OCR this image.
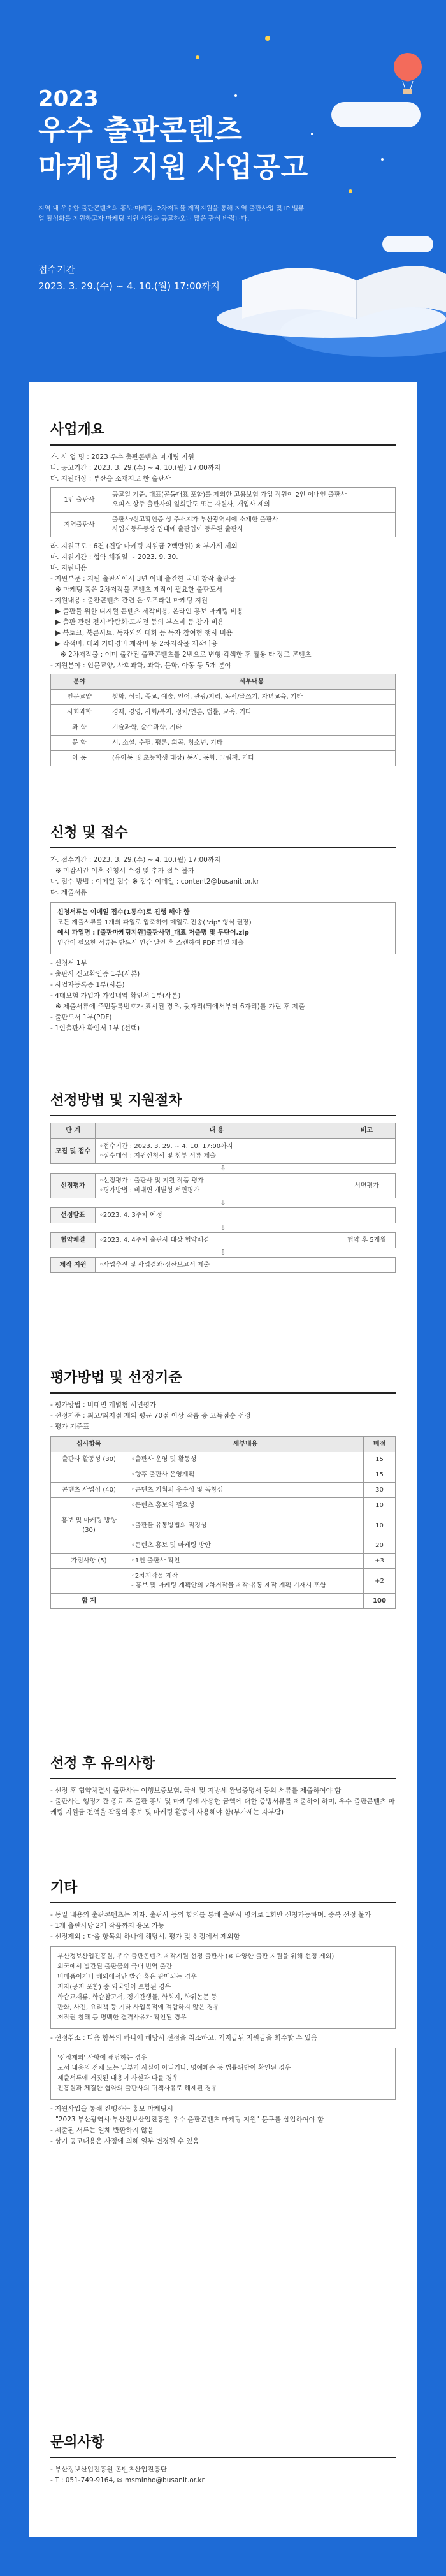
2023
우수 출판콘텐츠
마케팅 지원 사업공고
지역 내 우수한 출판콘텐츠의 홍보·마케팅, 2차저작물 제작지원을 통해 지역 출판사업 및 IP 밸류업 활성화를 지원하고자 마케팅 지원 사업을 공고하오니 많은 관심 바랍니다.
접수기간
2023. 3. 29.(수) ~ 4. 10.(월) 17:00까지
사업개요
가. 사 업 명 : 2023 우수 출판콘텐츠 마케팅 지원
나. 공고기간 : 2023. 3. 29.(수) ~ 4. 10.(월) 17:00까지
다. 지원대상 : 부산을 소재지로 한 출판사
1인 출판사	공고일 기준, 대표(공동대표 포함)를 제외한 고용보험 가입 직원이 2인 이내인 출판사
오피스 상주 출판사의 일회만도 또는 자원사, 개업사 제외

지역출판사	출판사/신고확인증 상 주소지가 부산광역시에 소재한 출판사
사업자등록증상 업태에 출판업이 등록된 출판사
라. 지원규모 : 6건 (건당 마케팅 지원금 2백만원) ※ 부가세 제외
마. 지원기간 : 협약 체결일 ~ 2023. 9. 30.
바. 지원내용
- 지원부문 : 지원 출판사에서 3년 이내 출간한 국내 창작 출판물
※ 마케팅 혹은 2차저작물 콘텐츠 제작이 필요한 출판도서
- 지원내용 : 출판콘텐츠 관련 온·오프라인 마케팅 지원
▶ 출판물 위한 디지털 콘텐츠 제작비용, 온라인 홍보 마케팅 비용
▶ 출판 관련 전시·박람회·도서전 등의 부스비 등 참가 비용
▶ 북토크, 북콘서트, 독자와의 대화 등 독자 참여형 행사 비용
▶ 각색비, 대외 기타경비 제작비 등 2차저작물 제작비용
※ 2차저작물 : 이미 출간된 출판콘텐츠를 2번으로 변형·각색한 후 활용 타 장르 콘텐츠
- 지원분야 : 인문교양, 사회과학, 과학, 문학, 아동 등 5개 분야
분야	세부내용
인문교양	철학, 심리, 종교, 예술, 언어, 관광/지리, 독서/글쓰기, 자녀교육, 기타
사회과학	경제, 경영, 사회/복지, 정치/언론, 법률, 교육, 기타
과 학	기술과학, 순수과학, 기타
문 학	시, 소설, 수필, 평론, 희곡, 청소년, 기타
아 동	(유아동 및 초등학생 대상) 동시, 동화, 그림책, 기타
신청 및 접수
가. 접수기간 : 2023. 3. 29.(수) ~ 4. 10.(월) 17:00까지
※ 마감시간 이후 신청서 수정 및 추가 접수 불가
나. 접수 방법 : 이메일 접수 ※ 접수 이메일 : content2@busanit.or.kr
다. 제출서류
신청서류는 이메일 접수(1통수)로 진행 해야 함
모든 제출서류를 1개의 파일로 압축하여 메일로 전송("zip" 형식 권장)
예시 파일명 : [출판마케팅지원]출판사명_대표 저출명 및 두단어.zip
인감이 필요한 서류는 반드시 인감 날인 후 스캔하여 PDF 파일 제출
- 신청서 1부
- 출판사 신고확인증 1부(사본)
- 사업자등록증 1부(사본)
- 4대보험 가입자 가입내역 확인서 1부(사본)
※ 제출서류에 주민등록번호가 표시된 경우, 뒷자리(뒤에서부터 6자리)를 가린 후 제출
- 출판도서 1부(PDF)
- 1인출판사 확인서 1부 (선택)
선정방법 및 지원절차
단 계	내 용	비고
모집 및 접수	◦접수기간 : 2023. 3. 29. ~ 4. 10. 17:00까지
◦접수대상 : 지원신청서 및 첨부 서류 제출	
⇩
선정평가	◦선정평가 : 출판사 및 지원 작품 평가
◦평가방법 : 비대면 개별형 서면평가	서면평가
⇩
선정발표	◦2023. 4. 3주차 예정	
⇩
협약체결	◦2023. 4. 4주차 출판사 대상 협약체결	협약 후 5개월
⇩
제작 지원	◦사업추진 및 사업결과·정산보고서 제출	
평가방법 및 선정기준
- 평가방법 : 비대면 개별형 서면평가
- 선정기준 : 최고/최저점 제외 평균 70점 이상 작품 중 고득점순 선정
- 평가 기준표
심사항목	세부내용	배점
출판사 활동성 (30)	◦출판사 운영 및 활동성	15
	◦향후 출판사 운영계획	15
콘텐츠 사업성 (40)	◦콘텐츠 기획의 우수성 및 독창성	30
	◦콘텐츠 홍보의 필요성	10
홍보 및 마케팅 방향 (30)	◦출판물 유통방법의 적정성	10
	◦콘텐츠 홍보 및 마케팅 방안	20
가점사항 (5)	◦1인 출판사 확인	+3
	◦2차저작물 제작
- 홍보 및 마케팅 계획안의 2차저작물 제작·유통 제작 계획 기재시 포함	+2
합 계		100
선정 후 유의사항
- 선정 후 협약체결시 출판사는 이행보증보험, 국세 및 지방세 완납증명서 등의 서류를 제출하여야 함
- 출판사는 행정기간 종료 후 출판 홍보 및 마케팅에 사용한 금액에 대한 증빙서류를 제출하여 하며, 우수 출판콘텐츠 마케팅 지원금 전액을 작품의 홍보 및 마케팅 활동에 사용해야 함(부가세는 자부담)
기타
- 동일 내용의 출판콘텐츠는 저자, 출판사 등의 합의를 통해 출판사 명의로 1회만 신청가능하며, 중복 선정 불가
- 1개 출판사당 2개 작품까지 응모 가능
- 선정제외 : 다음 항목의 하나에 해당시, 평가 및 선정에서 제외함
부산정보산업진흥원, 우수 출판콘텐츠 제작지원 선정 출판사 (※ 다양한 출판 지원을 위해 선정 제외)
외국에서 발간된 출판물의 국내 번역 출간
비매품이거나 해외에서만 발간 혹은 판매되는 경우
저자(공저 포함) 중 외국인이 포함된 경우
학습교재류, 학습참고서, 정기간행물, 학회지, 학위논문 등
판화, 사진, 요리책 등 기타 사업목적에 적합하지 않은 경우
저작권 침해 등 명백한 결격사유가 확인된 경우
- 선정취소 : 다음 항목의 하나에 해당시 선정을 취소하고, 기지급된 지원금을 회수할 수 있음
'선정제외' 사항에 해당하는 경우
도서 내용의 전체 또는 일부가 사실이 아니거나, 명예훼손 등 법률위반이 확인된 경우
제출서류에 거짓된 내용이 사실과 다를 경우
진흥원과 체결한 협약의 출판사의 귀책사유로 해제된 경우
- 지원사업을 통해 진행하는 홍보 마케팅시
"2023 부산광역시·부산정보산업진흥원 우수 출판콘텐츠 마케팅 지원" 문구를 삽입하여야 함
- 제출된 서류는 일체 반환하지 않음
- 상기 공고내용은 사정에 의해 일부 변경될 수 있음
문의사항
- 부산정보산업진흥원 콘텐츠산업진흥단
- T : 051-749-9164, ✉ msminho@busanit.or.kr
